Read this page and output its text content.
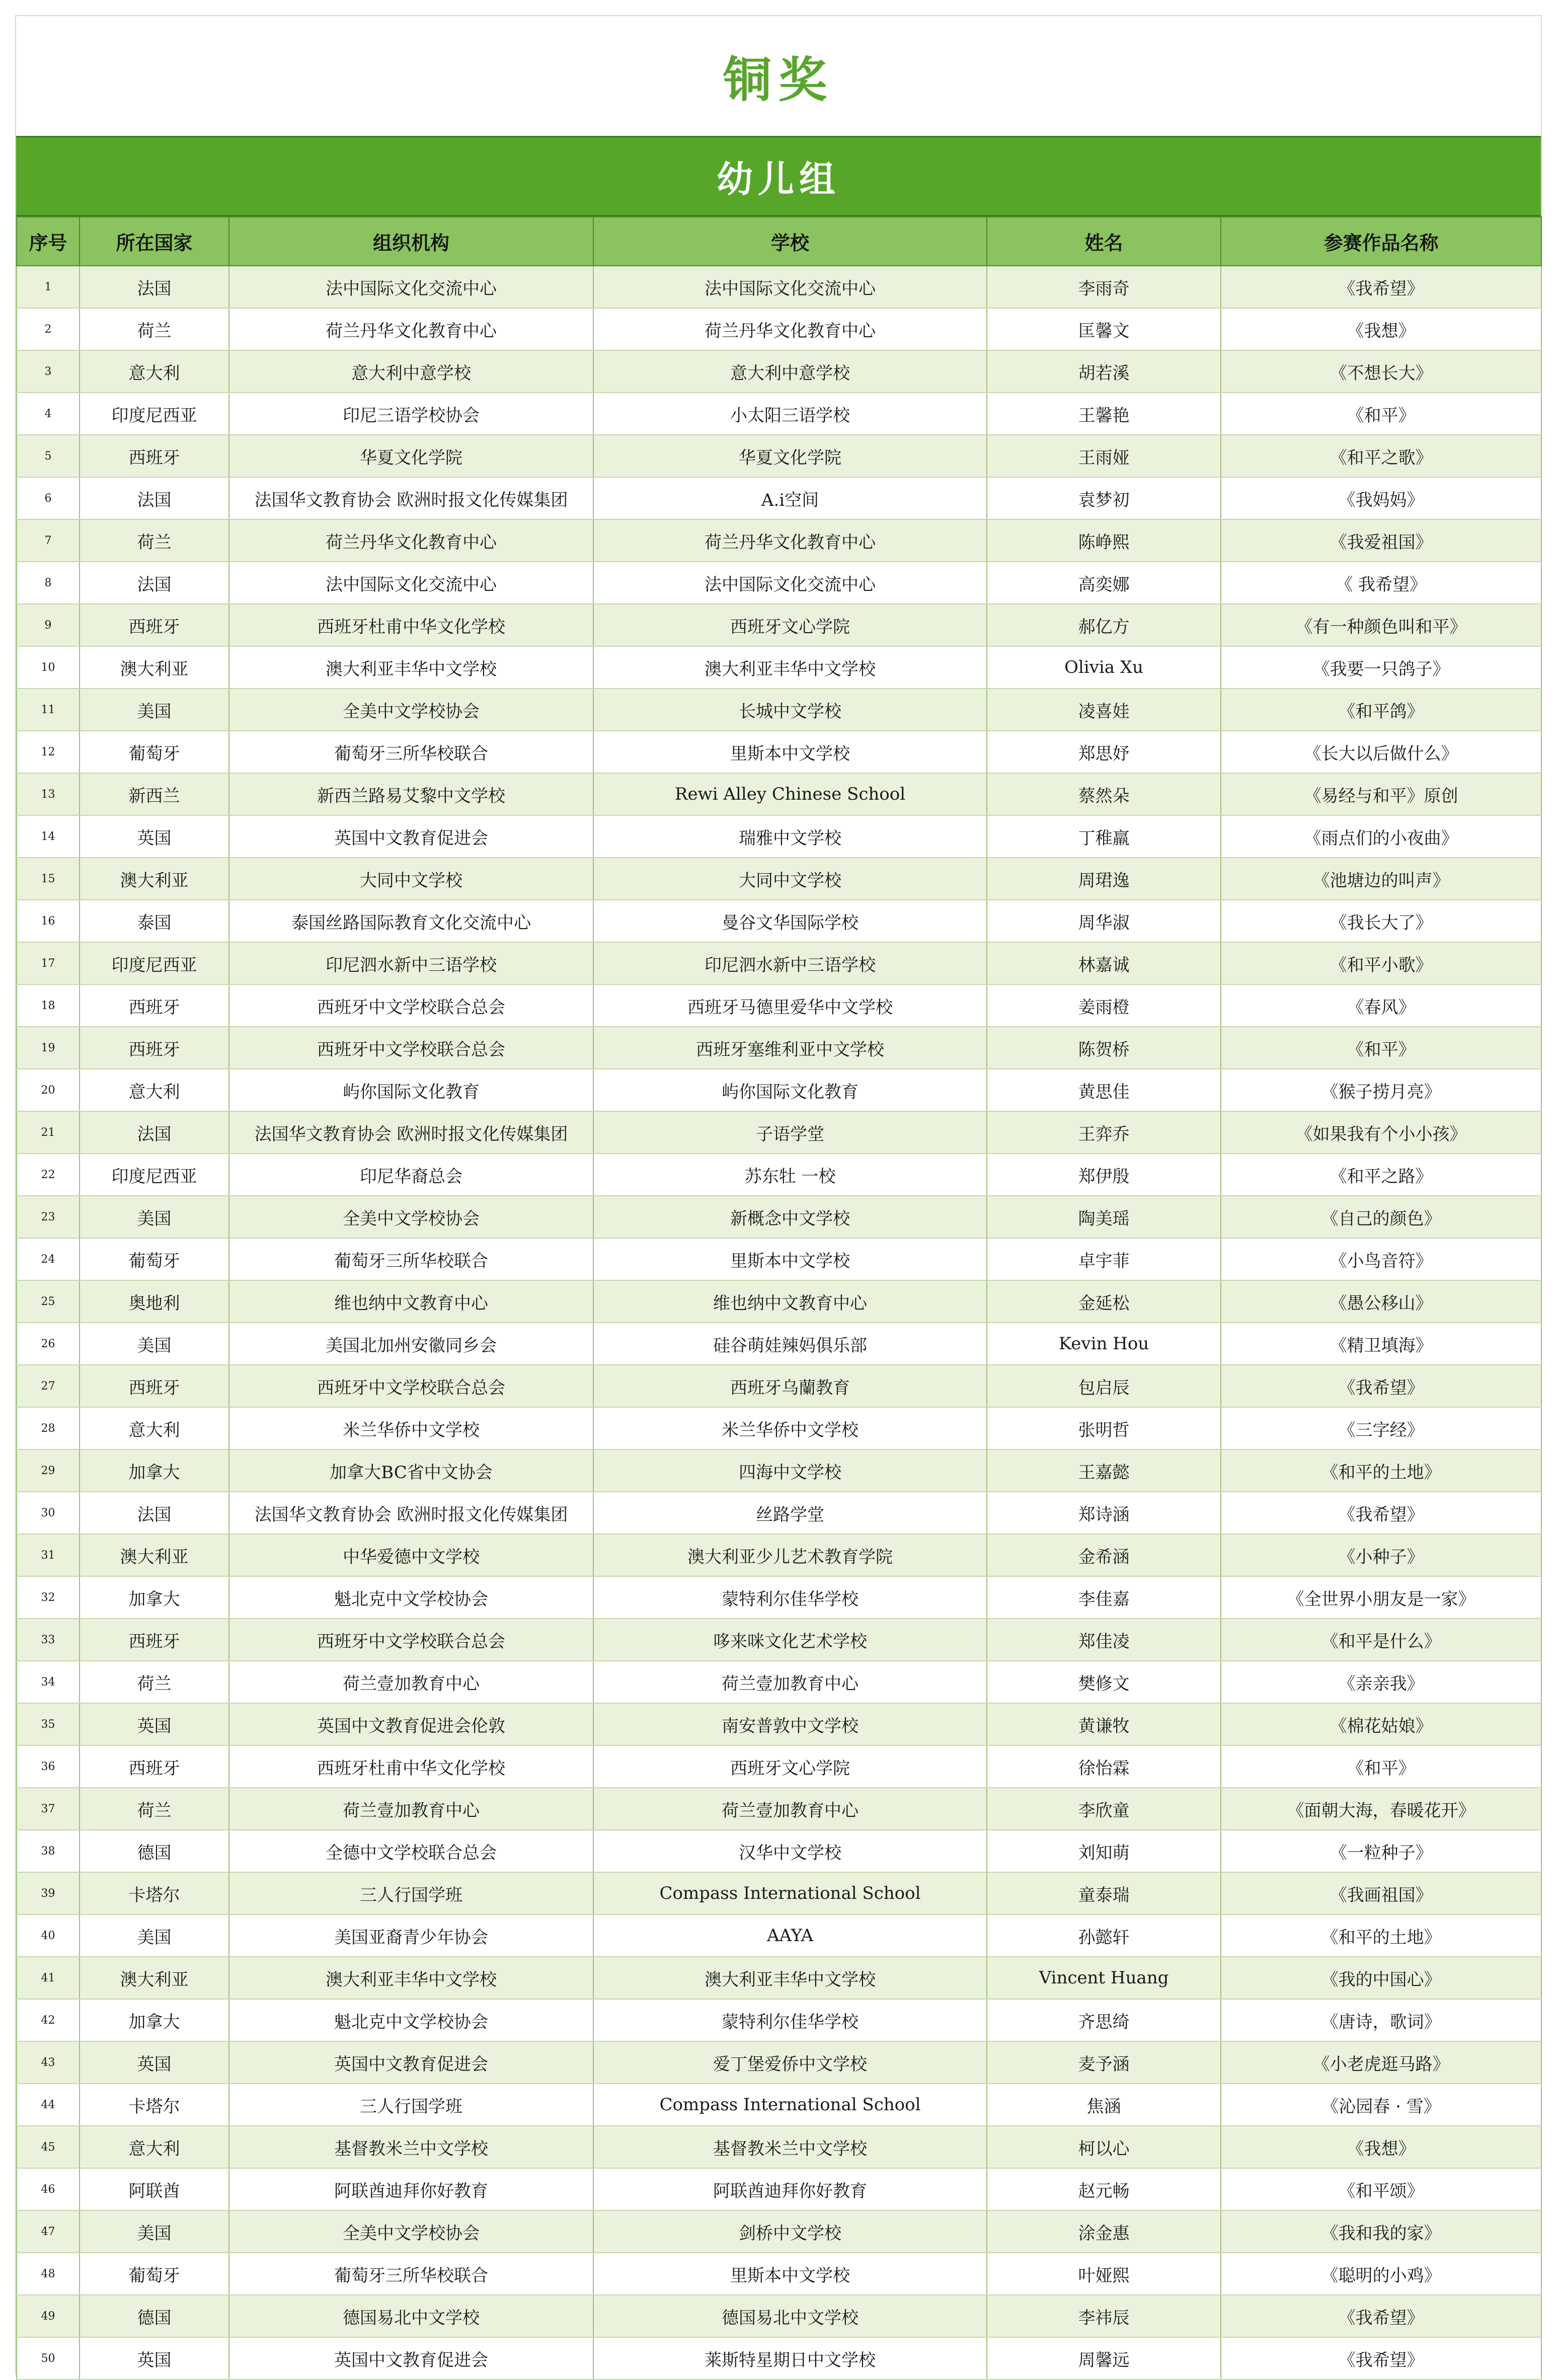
铜奖
幼儿组
序号	所在国家	组织机构	学校	姓名	参赛作品名称
1	法国	法中国际文化交流中心	法中国际文化交流中心	李雨奇	《我希望》
2	荷兰	荷兰丹华文化教育中心	荷兰丹华文化教育中心	匡馨文	《我想》
3	意大利	意大利中意学校	意大利中意学校	胡若溪	《不想长大》
4	印度尼西亚	印尼三语学校协会	小太阳三语学校	王馨艳	《和平》
5	西班牙	华夏文化学院	华夏文化学院	王雨娅	《和平之歌》
6	法国	法国华文教育协会 欧洲时报文化传媒集团	A.i空间	袁梦初	《我妈妈》
7	荷兰	荷兰丹华文化教育中心	荷兰丹华文化教育中心	陈峥熙	《我爱祖国》
8	法国	法中国际文化交流中心	法中国际文化交流中心	高奕娜	《 我希望》
9	西班牙	西班牙杜甫中华文化学校	西班牙文心学院	郝亿方	《有一种颜色叫和平》
10	澳大利亚	澳大利亚丰华中文学校	澳大利亚丰华中文学校	Olivia Xu	《我要一只鸽子》
11	美国	全美中文学校协会	长城中文学校	凌喜娃	《和平鸽》
12	葡萄牙	葡萄牙三所华校联合	里斯本中文学校	郑思妤	《长大以后做什么》
13	新西兰	新西兰路易艾黎中文学校	Rewi Alley Chinese School	蔡然朵	《易经与和平》原创
14	英国	英国中文教育促进会	瑞雅中文学校	丁稚羸	《雨点们的小夜曲》
15	澳大利亚	大同中文学校	大同中文学校	周珺逸	《池塘边的叫声》
16	泰国	泰国丝路国际教育文化交流中心	曼谷文华国际学校	周华淑	《我长大了》
17	印度尼西亚	印尼泗水新中三语学校	印尼泗水新中三语学校	林嘉诚	《和平小歌》
18	西班牙	西班牙中文学校联合总会	西班牙马德里爱华中文学校	姜雨橙	《春风》
19	西班牙	西班牙中文学校联合总会	西班牙塞维利亚中文学校	陈贺桥	《和平》
20	意大利	屿你国际文化教育	屿你国际文化教育	黄思佳	《猴子捞月亮》
21	法国	法国华文教育协会 欧洲时报文化传媒集团	子语学堂	王弈乔	《如果我有个小小孩》
22	印度尼西亚	印尼华裔总会	苏东牡 一校	郑伊殷	《和平之路》
23	美国	全美中文学校协会	新概念中文学校	陶美瑶	《自己的颜色》
24	葡萄牙	葡萄牙三所华校联合	里斯本中文学校	卓宇菲	《小鸟音符》
25	奥地利	维也纳中文教育中心	维也纳中文教育中心	金延松	《愚公移山》
26	美国	美国北加州安徽同乡会	硅谷萌娃辣妈俱乐部	Kevin Hou	《精卫填海》
27	西班牙	西班牙中文学校联合总会	西班牙乌蘭教育	包启辰	《我希望》
28	意大利	米兰华侨中文学校	米兰华侨中文学校	张明哲	《三字经》
29	加拿大	加拿大BC省中文协会	四海中文学校	王嘉懿	《和平的土地》
30	法国	法国华文教育协会 欧洲时报文化传媒集团	丝路学堂	郑诗涵	《我希望》
31	澳大利亚	中华爱德中文学校	澳大利亚少儿艺术教育学院	金希涵	《小种子》
32	加拿大	魁北克中文学校协会	蒙特利尔佳华学校	李佳嘉	《全世界小朋友是一家》
33	西班牙	西班牙中文学校联合总会	哆来咪文化艺术学校	郑佳凌	《和平是什么》
34	荷兰	荷兰壹加教育中心	荷兰壹加教育中心	樊修文	《亲亲我》
35	英国	英国中文教育促进会伦敦	南安普敦中文学校	黄谦牧	《棉花姑娘》
36	西班牙	西班牙杜甫中华文化学校	西班牙文心学院	徐怡霖	《和平》
37	荷兰	荷兰壹加教育中心	荷兰壹加教育中心	李欣童	《面朝大海，春暖花开》
38	德国	全德中文学校联合总会	汉华中文学校	刘知萌	《一粒种子》
39	卡塔尔	三人行国学班	Compass International School	童泰瑞	《我画祖国》
40	美国	美国亚裔青少年协会	AAYA	孙懿轩	《和平的土地》
41	澳大利亚	澳大利亚丰华中文学校	澳大利亚丰华中文学校	Vincent Huang	《我的中国心》
42	加拿大	魁北克中文学校协会	蒙特利尔佳华学校	齐思绮	《唐诗，歌词》
43	英国	英国中文教育促进会	爱丁堡爱侨中文学校	麦予涵	《小老虎逛马路》
44	卡塔尔	三人行国学班	Compass International School	焦涵	《沁园春 · 雪》
45	意大利	基督教米兰中文学校	基督教米兰中文学校	柯以心	《我想》
46	阿联酋	阿联酋迪拜你好教育	阿联酋迪拜你好教育	赵元畅	《和平颂》
47	美国	全美中文学校协会	剑桥中文学校	涂金惠	《我和我的家》
48	葡萄牙	葡萄牙三所华校联合	里斯本中文学校	叶娅熙	《聪明的小鸡》
49	德国	德国易北中文学校	德国易北中文学校	李祎辰	《我希望》
50	英国	英国中文教育促进会	莱斯特星期日中文学校	周馨远	《我希望》
